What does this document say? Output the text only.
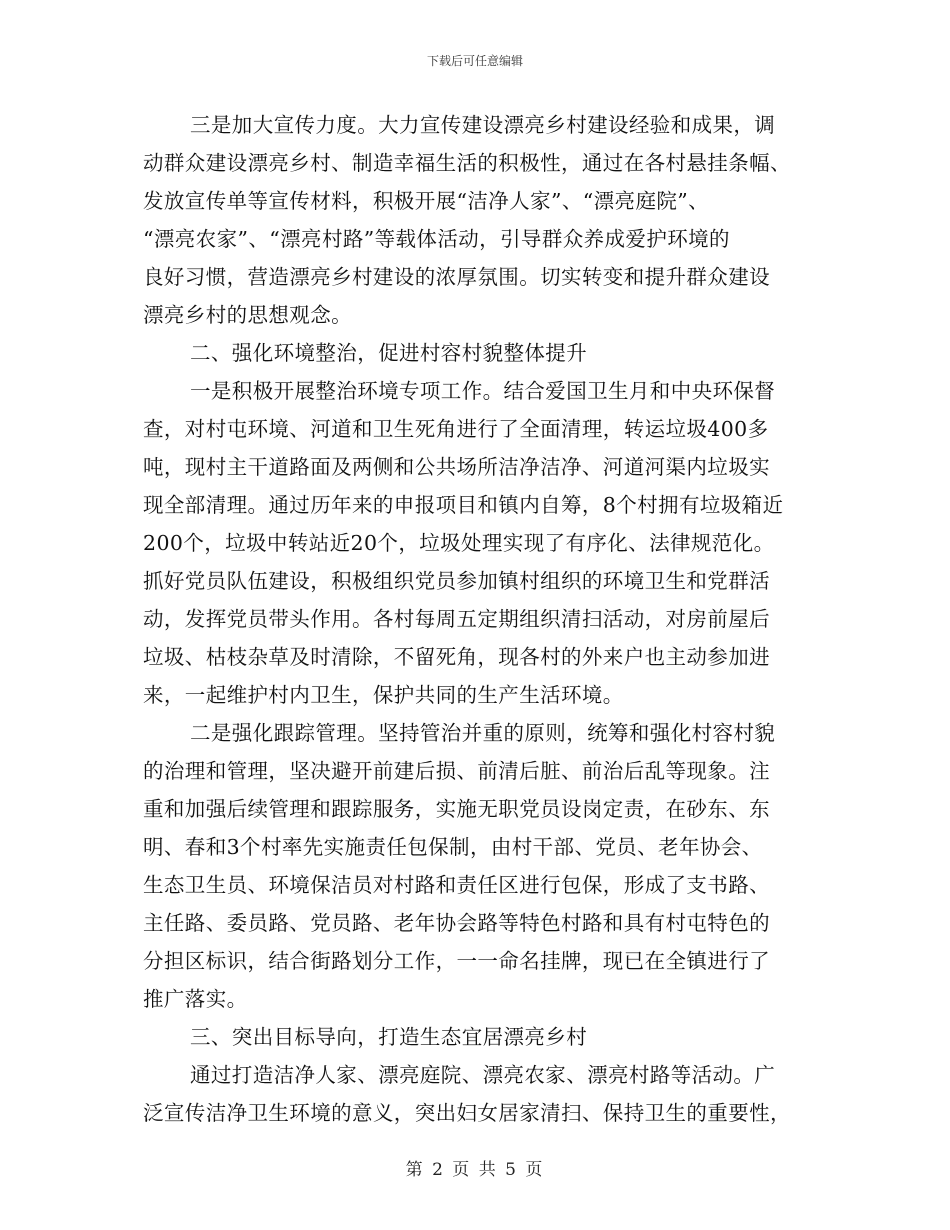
下载后可任意编辑
三是加大宣传力度。大力宣传建设漂亮乡村建设经验和成果，调
动群众建设漂亮乡村、制造幸福生活的积极性，通过在各村悬挂条幅、
发放宣传单等宣传材料，积极开展“洁净人家”、“漂亮庭院”、
“漂亮农家”、“漂亮村路”等载体活动，引导群众养成爱护环境的
良好习惯，营造漂亮乡村建设的浓厚氛围。切实转变和提升群众建设
漂亮乡村的思想观念。
二、强化环境整治，促进村容村貌整体提升
一是积极开展整治环境专项工作。结合爱国卫生月和中央环保督
查，对村屯环境、河道和卫生死角进行了全面清理，转运垃圾400多
吨，现村主干道路面及两侧和公共场所洁净洁净、河道河渠内垃圾实
现全部清理。通过历年来的申报项目和镇内自筹，8个村拥有垃圾箱近
200个，垃圾中转站近20个，垃圾处理实现了有序化、法律规范化。
抓好党员队伍建设，积极组织党员参加镇村组织的环境卫生和党群活
动，发挥党员带头作用。各村每周五定期组织清扫活动，对房前屋后
垃圾、枯枝杂草及时清除，不留死角，现各村的外来户也主动参加进
来，一起维护村内卫生，保护共同的生产生活环境。
二是强化跟踪管理。坚持管治并重的原则，统筹和强化村容村貌
的治理和管理，坚决避开前建后损、前清后脏、前治后乱等现象。注
重和加强后续管理和跟踪服务，实施无职党员设岗定责，在砂东、东
明、春和3个村率先实施责任包保制，由村干部、党员、老年协会、
生态卫生员、环境保洁员对村路和责任区进行包保，形成了支书路、
主任路、委员路、党员路、老年协会路等特色村路和具有村屯特色的
分担区标识，结合街路划分工作，一一命名挂牌，现已在全镇进行了
推广落实。
三、突出目标导向，打造生态宜居漂亮乡村
通过打造洁净人家、漂亮庭院、漂亮农家、漂亮村路等活动。广
泛宣传洁净卫生环境的意义，突出妇女居家清扫、保持卫生的重要性，
第 2 页 共 5 页
